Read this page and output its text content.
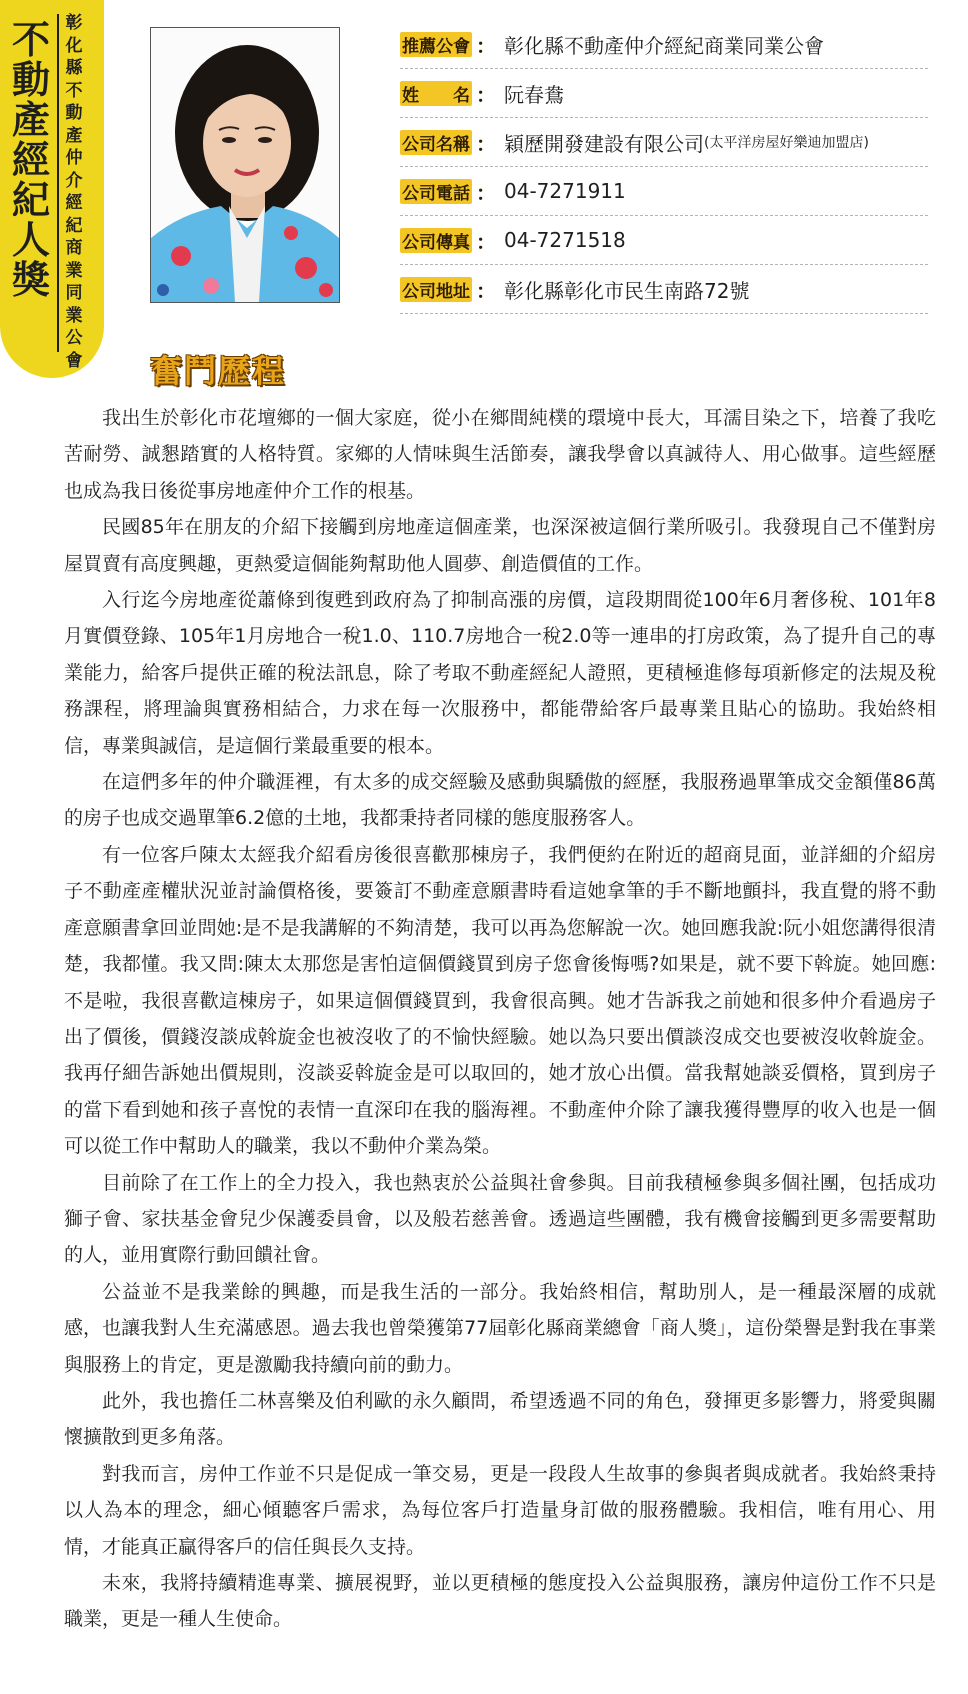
不
動
產
經
紀
人
獎
彰
化
縣
不
動
產
仲
介
經
紀
商
業
同
業
公
會
推薦公會 ： 彰化縣不動產仲介經紀商業同業公會
姓　　名 ： 阮春鴦
公司名稱 ： 穎歷開發建設有限公司 (太平洋房屋好樂迪加盟店)
公司電話 ： 04-7271911
公司傳真 ： 04-7271518
公司地址 ： 彰化縣彰化市民生南路72號
奮鬥歷程

我出生於彰化市花壇鄉的一個大家庭，從小在鄉間純樸的環境中長大，耳濡目染之下，培養了我吃苦耐勞、誠懇踏實的人格特質。家鄉的人情味與生活節奏，讓我學會以真誠待人、用心做事。這些經歷也成為我日後從事房地產仲介工作的根基。

民國85年在朋友的介紹下接觸到房地產這個產業，也深深被這個行業所吸引。我發現自己不僅對房屋買賣有高度興趣，更熱愛這個能夠幫助他人圓夢、創造價值的工作。

入行迄今房地產從蕭條到復甦到政府為了抑制高漲的房價，這段期間從100年6月奢侈稅、101年8月實價登錄、105年1月房地合一稅1.0、110.7房地合一稅2.0等一連串的打房政策，為了提升自己的專業能力，給客戶提供正確的稅法訊息，除了考取不動產經紀人證照，更積極進修每項新修定的法規及稅務課程，將理論與實務相結合，力求在每一次服務中，都能帶給客戶最專業且貼心的協助。我始終相信，專業與誠信，是這個行業最重要的根本。

在這們多年的仲介職涯裡，有太多的成交經驗及感動與驕傲的經歷，我服務過單筆成交金額僅86萬的房子也成交過單筆6.2億的土地，我都秉持者同樣的態度服務客人。

有一位客戶陳太太經我介紹看房後很喜歡那棟房子，我們便約在附近的超商見面，並詳細的介紹房子不動產產權狀況並討論價格後，要簽訂不動產意願書時看這她拿筆的手不斷地顫抖，我直覺的將不動產意願書拿回並問她:是不是我講解的不夠清楚，我可以再為您解說一次。她回應我說:阮小姐您講得很清楚，我都懂。我又問:陳太太那您是害怕這個價錢買到房子您會後悔嗎?如果是，就不要下斡旋。她回應:不是啦，我很喜歡這棟房子，如果這個價錢買到，我會很高興。她才告訴我之前她和很多仲介看過房子出了價後，價錢沒談成斡旋金也被沒收了的不愉快經驗。她以為只要出價談沒成交也要被沒收斡旋金。我再仔細告訴她出價規則，沒談妥斡旋金是可以取回的，她才放心出價。當我幫她談妥價格，買到房子的當下看到她和孩子喜悅的表情一直深印在我的腦海裡。不動產仲介除了讓我獲得豐厚的收入也是一個可以從工作中幫助人的職業，我以不動仲介業為榮。

目前除了在工作上的全力投入，我也熱衷於公益與社會參與。目前我積極參與多個社團，包括成功獅子會、家扶基金會兒少保護委員會，以及般若慈善會。透過這些團體，我有機會接觸到更多需要幫助的人，並用實際行動回饋社會。

公益並不是我業餘的興趣，而是我生活的一部分。我始終相信，幫助別人，是一種最深層的成就感，也讓我對人生充滿感恩。過去我也曾榮獲第77屆彰化縣商業總會「商人獎」，這份榮譽是對我在事業與服務上的肯定，更是激勵我持續向前的動力。

此外，我也擔任二林喜樂及伯利歐的永久顧問，希望透過不同的角色，發揮更多影響力，將愛與關懷擴散到更多角落。

對我而言，房仲工作並不只是促成一筆交易，更是一段段人生故事的參與者與成就者。我始終秉持以人為本的理念，細心傾聽客戶需求，為每位客戶打造量身訂做的服務體驗。我相信，唯有用心、用情，才能真正贏得客戶的信任與長久支持。

未來，我將持續精進專業、擴展視野，並以更積極的態度投入公益與服務，讓房仲這份工作不只是職業，更是一種人生使命。
